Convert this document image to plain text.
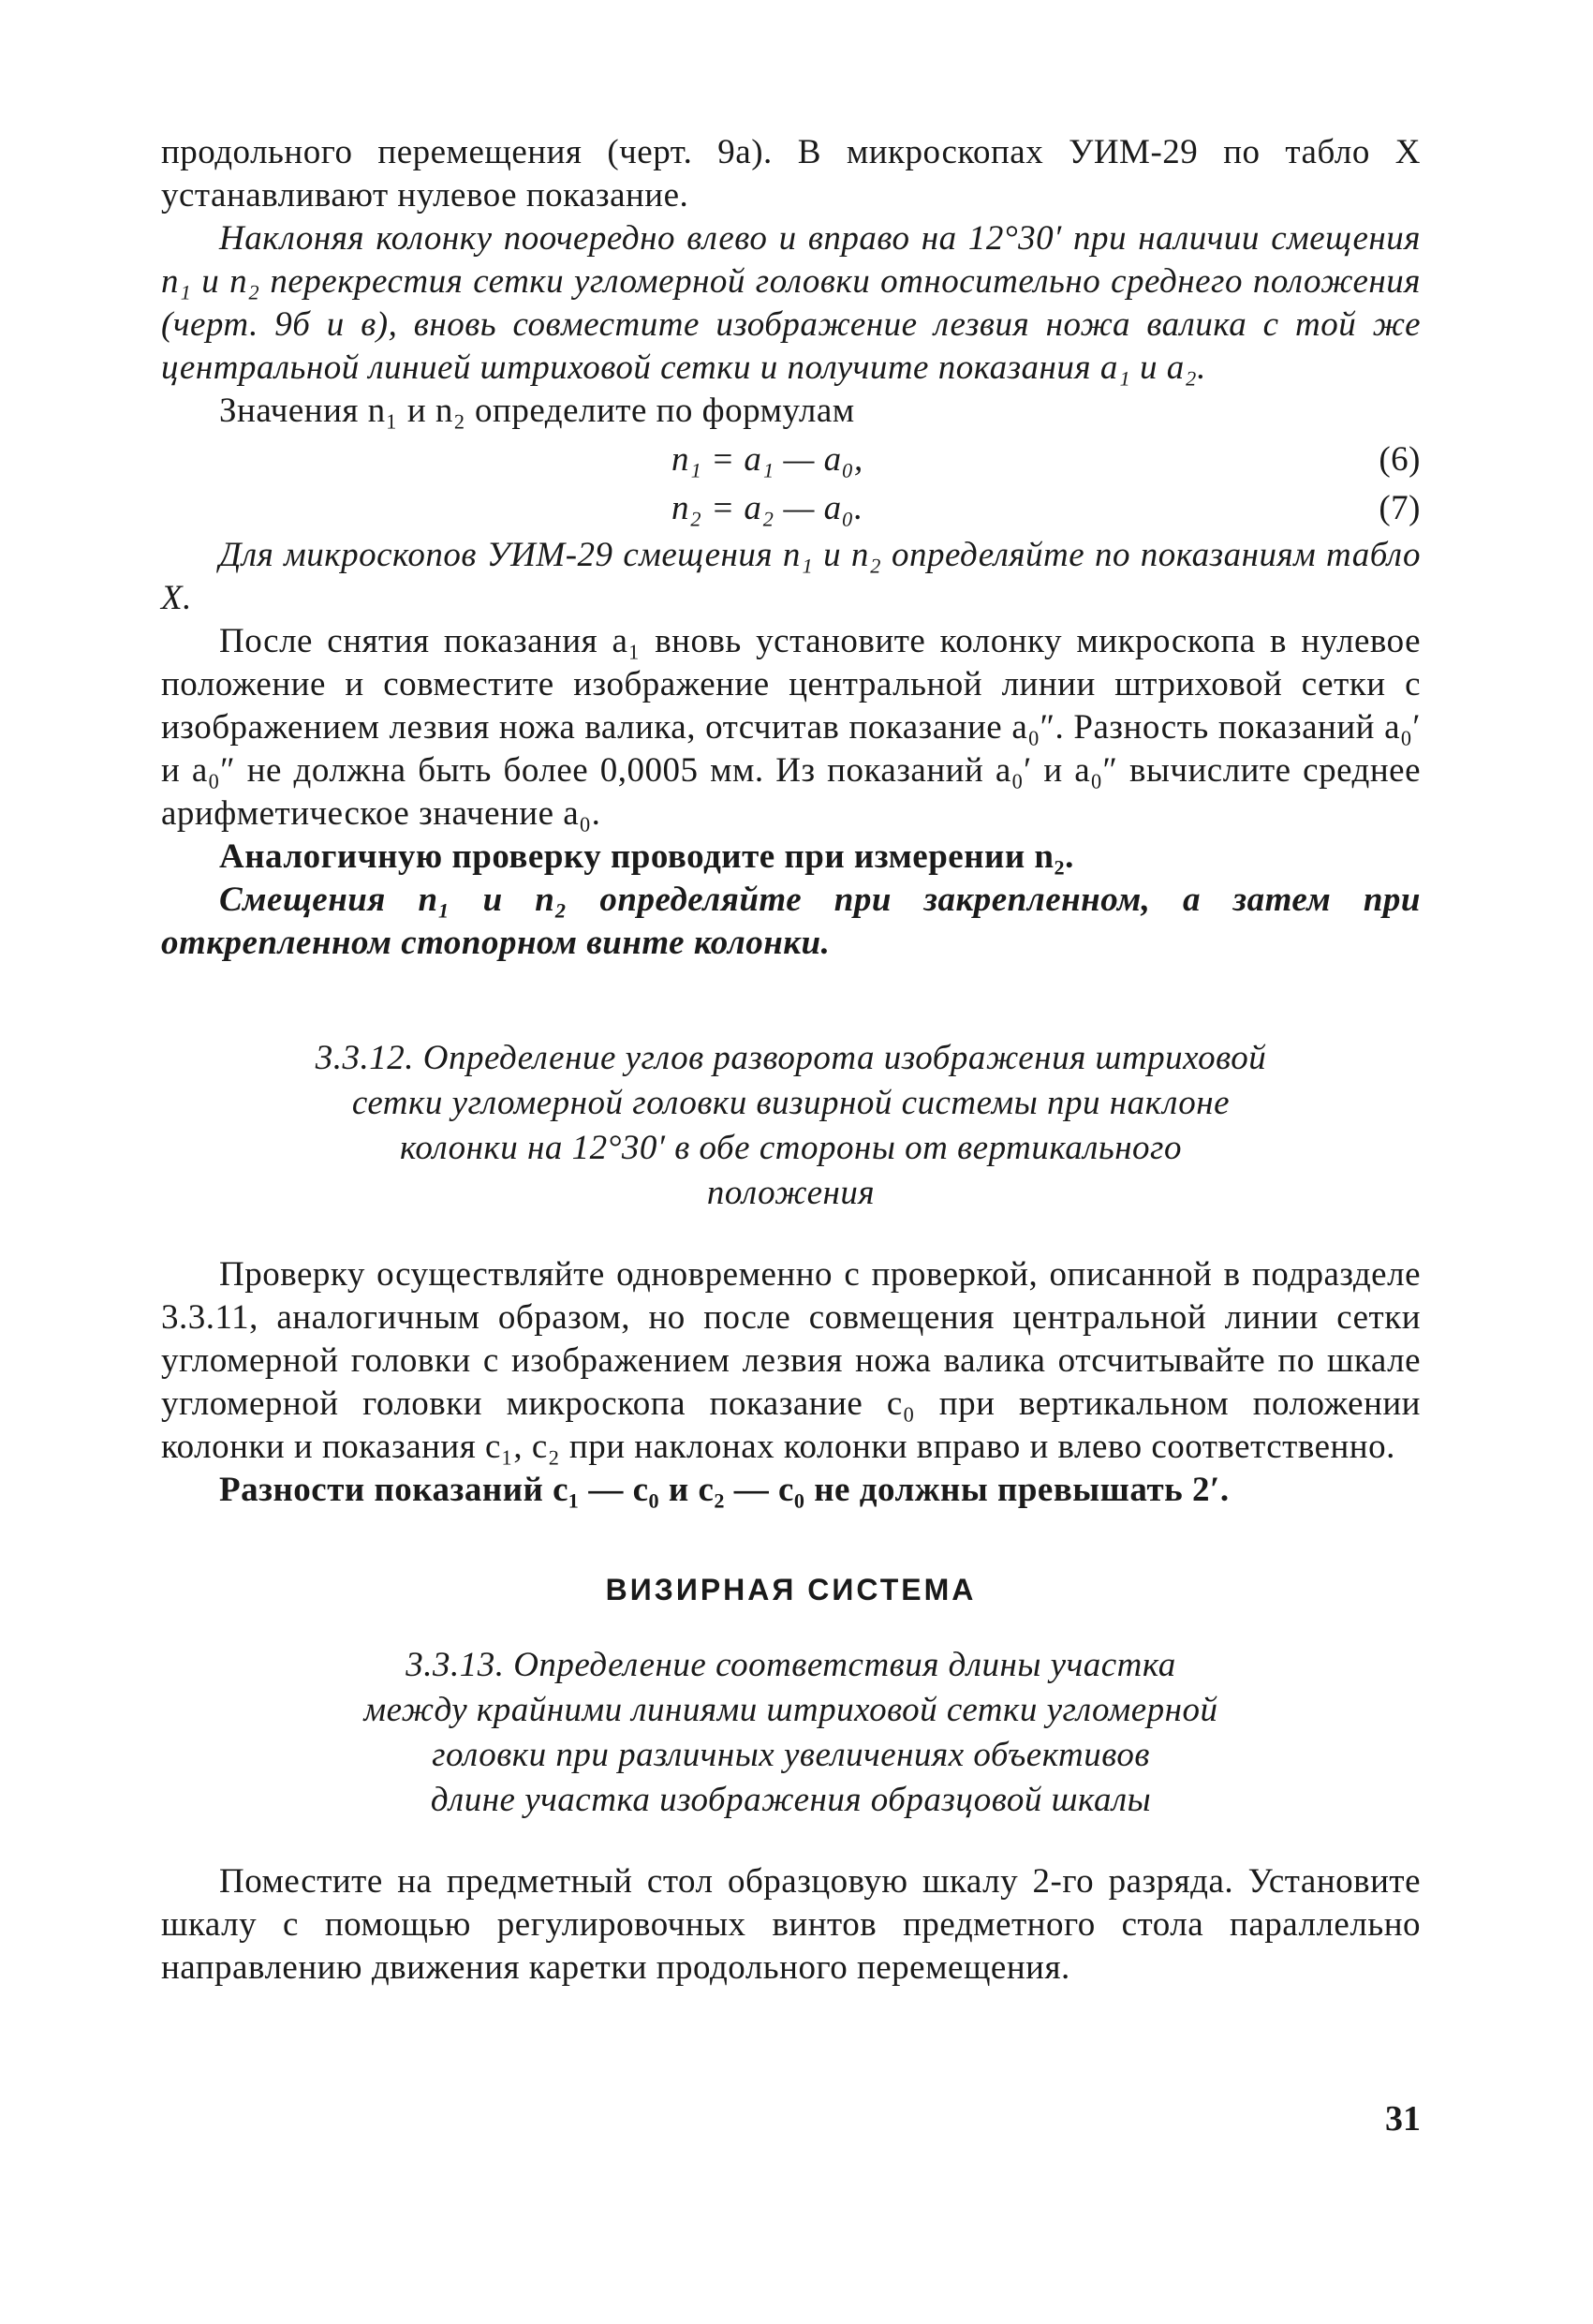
продольного перемещения (черт. 9а). В микроскопах УИМ-29 по табло X устанавливают нулевое показание.

Наклоняя колонку поочередно влево и вправо на 12°30′ при наличии смещения n₁ и n₂ перекрестия сетки угломерной головки относительно среднего положения (черт. 9б и в), вновь совместите изображение лезвия ножа валика с той же центральной линией штриховой сетки и получите показания a₁ и a₂.

Значения n₁ и n₂ определите по формулам

n₁ = a₁ — a₀,	(6)
n₂ = a₂ — a₀.	(7)

Для микроскопов УИМ-29 смещения n₁ и n₂ определяйте по показаниям табло X.

После снятия показания a₁ вновь установите колонку микроскопа в нулевое положение и совместите изображение центральной линии штриховой сетки с изображением лезвия ножа валика, отсчитав показание a₀″. Разность показаний a₀′ и a₀″ не должна быть более 0,0005 мм. Из показаний a₀′ и a₀″ вычислите среднее арифметическое значение a₀.

Аналогичную проверку проводите при измерении n₂.

Смещения n₁ и n₂ определяйте при закрепленном, а затем при открепленном стопорном винте колонки.

3.3.12. Определение углов разворота изображения штриховой
сетки угломерной головки визирной системы при наклоне
колонки на 12°30′ в обе стороны от вертикального
положения

Проверку осуществляйте одновременно с проверкой, описанной в подразделе 3.3.11, аналогичным образом, но после совмещения центральной линии сетки угломерной головки с изображением лезвия ножа валика отсчитывайте по шкале угломерной головки микроскопа показание c₀ при вертикальном положении колонки и показания c₁, c₂ при наклонах колонки вправо и влево соответственно.

Разности показаний c₁ — c₀ и c₂ — c₀ не должны превышать 2′.

ВИЗИРНАЯ СИСТЕМА
3.3.13. Определение соответствия длины участка
между крайними линиями штриховой сетки угломерной
головки при различных увеличениях объективов
длине участка изображения образцовой шкалы

Поместите на предметный стол образцовую шкалу 2-го разряда. Установите шкалу с помощью регулировочных винтов предметного стола параллельно направлению движения каретки продольного перемещения.

31
